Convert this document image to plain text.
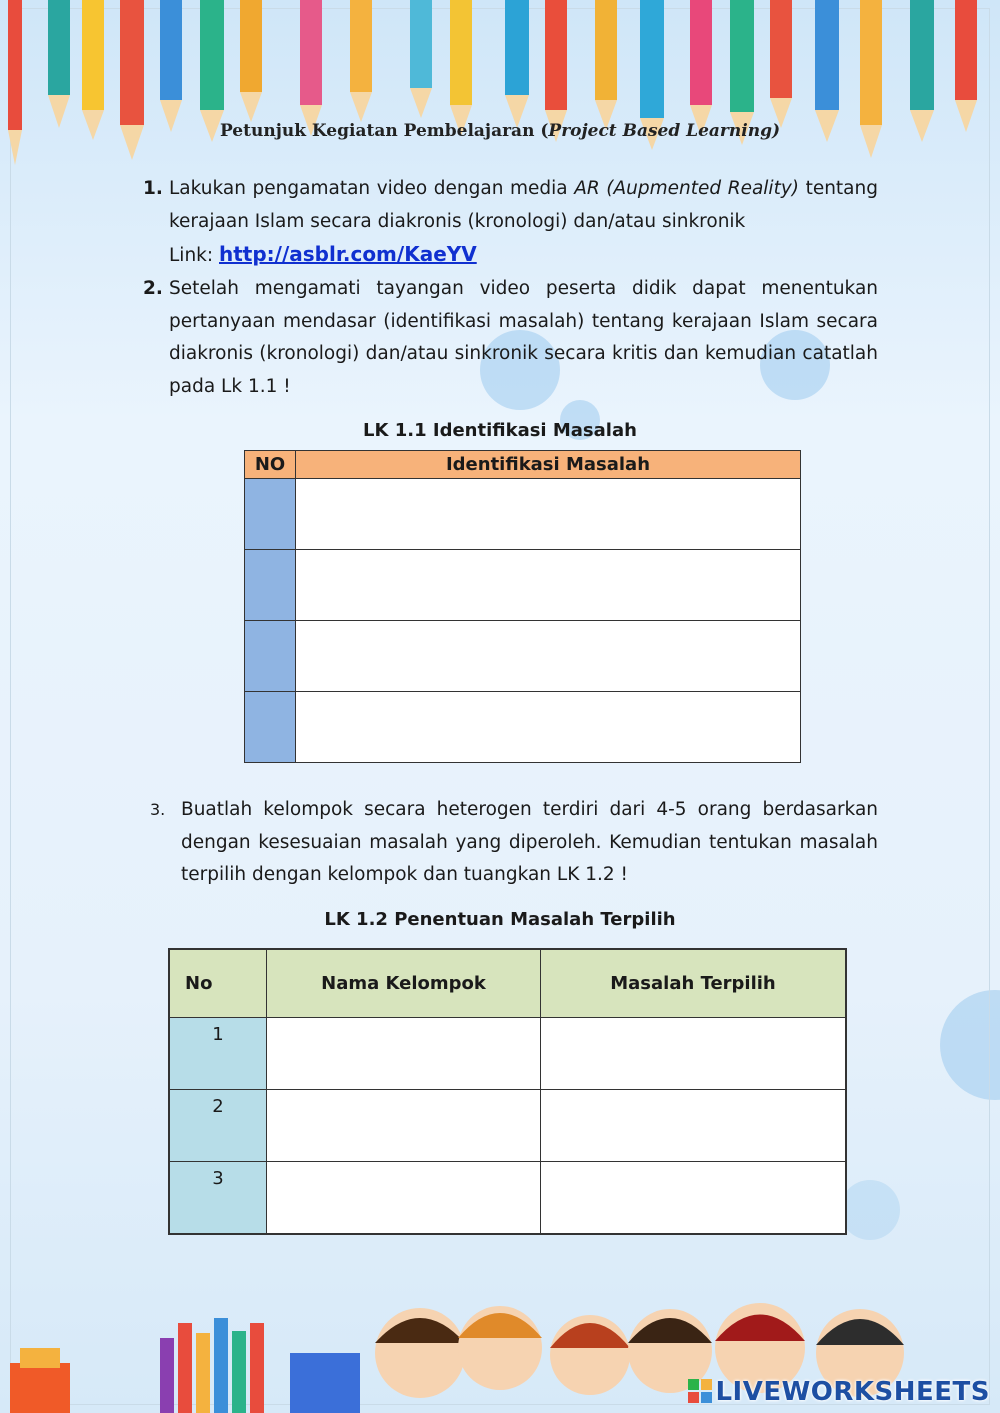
Petunjuk Kegiatan Pembelajaran (Project Based Learning)
1. Lakukan pengamatan video dengan media AR (Aupmented Reality) tentang kerajaan Islam secara diakronis (kronologi) dan/atau sinkronik

Link: http://asblr.com/KaeYV

2. Setelah mengamati tayangan video peserta didik dapat menentukan pertanyaan mendasar (identifikasi masalah) tentang kerajaan Islam secara diakronis (kronologi) dan/atau sinkronik secara kritis dan kemudian catatlah pada Lk 1.1 !

LK 1.1 Identifikasi Masalah
NO	Identifikasi Masalah

3. Buatlah kelompok secara heterogen terdiri dari 4-5 orang berdasarkan dengan kesesuaian masalah yang diperoleh. Kemudian tentukan masalah terpilih dengan kelompok dan tuangkan LK 1.2 !

LK 1.2 Penentuan Masalah Terpilih
No	Nama Kelompok	Masalah Terpilih
1		
2		
3		
LIVEWORKSHEETS
